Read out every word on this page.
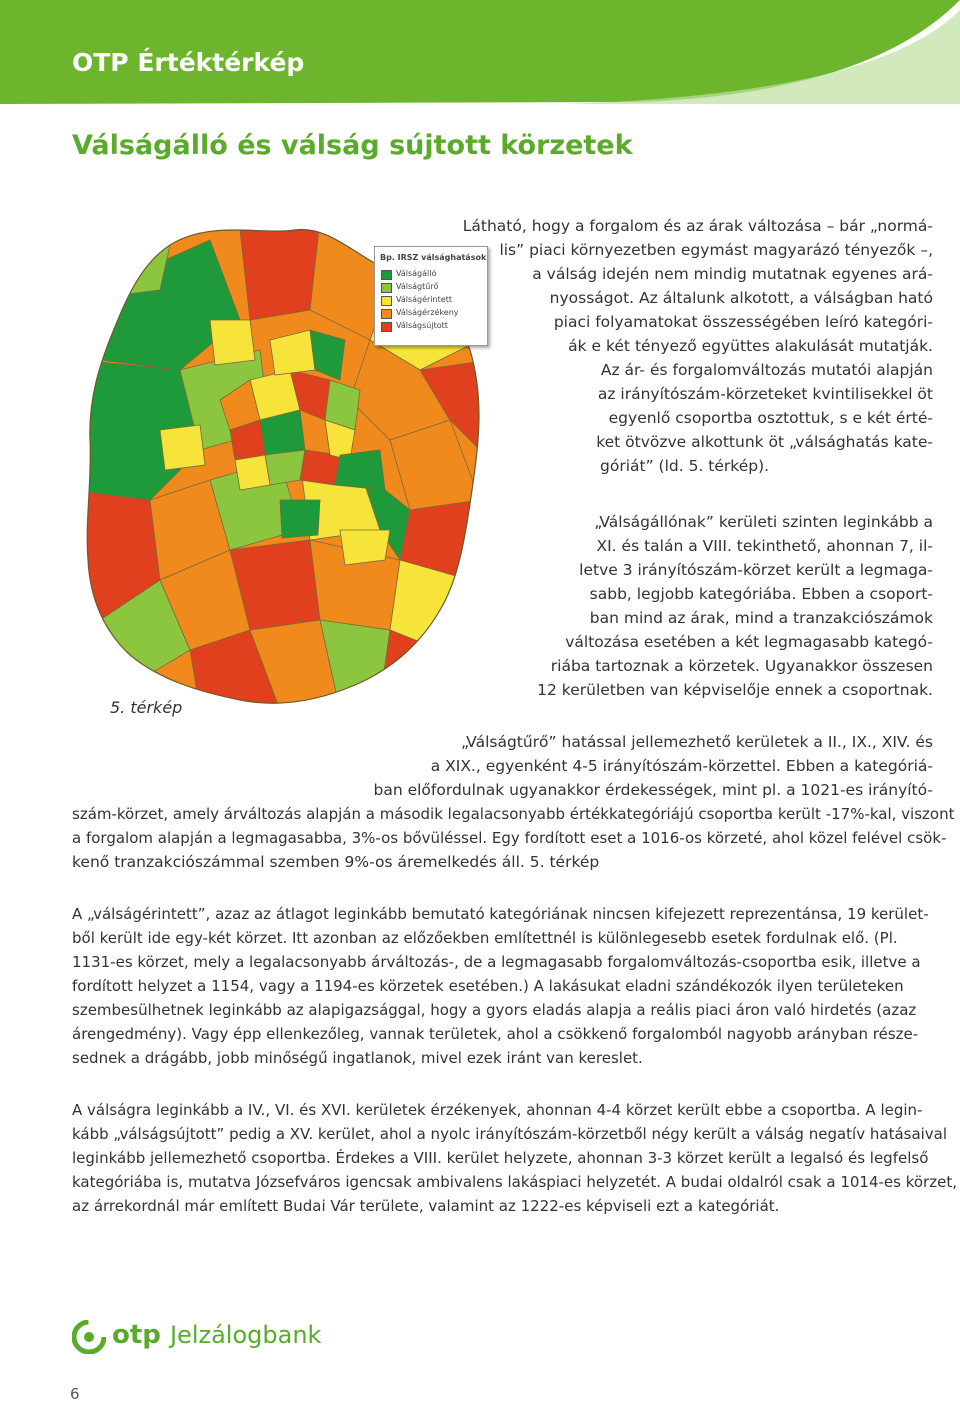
OTP Értéktérkép
Válságálló és válság sújtott körzetek
Bp. IRSZ válsághatások
Válságálló
Válságtűrő
Válságérintett
Válságérzékeny
Válságsújtott
5. térkép
Látható, hogy a forgalom és az árak változása – bár „normá-
lis” piaci környezetben egymást magyarázó tényezők –,
a válság idején nem mindig mutatnak egyenes ará-
nyosságot. Az általunk alkotott, a válságban ható
piaci folyamatokat összességében leíró kategóri-
ák e két tényező együttes alakulását mutatják.
Az ár- és forgalomváltozás mutatói alapján
az irányítószám-körzeteket kvintilisekkel öt
egyenlő csoportba osztottuk, s e két érté-
ket ötvözve alkottunk öt „válsághatás kate-
góriát” (ld. 5. térkép).
„Válságállónak” kerületi szinten leginkább a
XI. és talán a VIII. tekinthető, ahonnan 7, il-
letve 3 irányítószám-körzet került a legmaga-
sabb, legjobb kategóriába. Ebben a csoport-
ban mind az árak, mind a tranzakciószámok
változása esetében a két legmagasabb kategó-
riába tartoznak a körzetek. Ugyanakkor összesen
12 kerületben van képviselője ennek a csoportnak.
„Válságtűrő” hatással jellemezhető kerületek a II., IX., XIV. és
a XIX., egyenként 4-5 irányítószám-körzettel. Ebben a kategóriá-
ban előfordulnak ugyanakkor érdekességek, mint pl. a 1021-es irányító-
szám-körzet, amely árváltozás alapján a második legalacsonyabb értékkategóriájú csoportba került -17%-kal, viszont
a forgalom alapján a legmagasabba, 3%-os bővüléssel. Egy fordított eset a 1016-os körzeté, ahol közel felével csök-
kenő tranzakciószámmal szemben 9%-os áremelkedés áll. 5. térkép
A „válságérintett”, azaz az átlagot leginkább bemutató kategóriának nincsen kifejezett reprezentánsa, 19 kerület-
ből került ide egy-két körzet. Itt azonban az előzőekben említettnél is különlegesebb esetek fordulnak elő. (Pl.
1131-es körzet, mely a legalacsonyabb árváltozás-, de a legmagasabb forgalomváltozás-csoportba esik, illetve a
fordított helyzet a 1154, vagy a 1194-es körzetek esetében.) A lakásukat eladni szándékozók ilyen területeken
szembesülhetnek leginkább az alapigazsággal, hogy a gyors eladás alapja a reális piaci áron való hirdetés (azaz
árengedmény). Vagy épp ellenkezőleg, vannak területek, ahol a csökkenő forgalomból nagyobb arányban része-
sednek a drágább, jobb minőségű ingatlanok, mivel ezek iránt van kereslet.
A válságra leginkább a IV., VI. és XVI. kerületek érzékenyek, ahonnan 4-4 körzet került ebbe a csoportba. A legin-
kább „válságsújtott” pedig a XV. kerület, ahol a nyolc irányítószám-körzetből négy került a válság negatív hatásaival
leginkább jellemezhető csoportba. Érdekes a VIII. kerület helyzete, ahonnan 3-3 körzet került a legalsó és legfelső
kategóriába is, mutatva Józsefváros igencsak ambivalens lakáspiaci helyzetét. A budai oldalról csak a 1014-es körzet,
az árrekordnál már említett Budai Vár területe, valamint az 1222-es képviseli ezt a kategóriát.
otp Jelzálogbank
6
